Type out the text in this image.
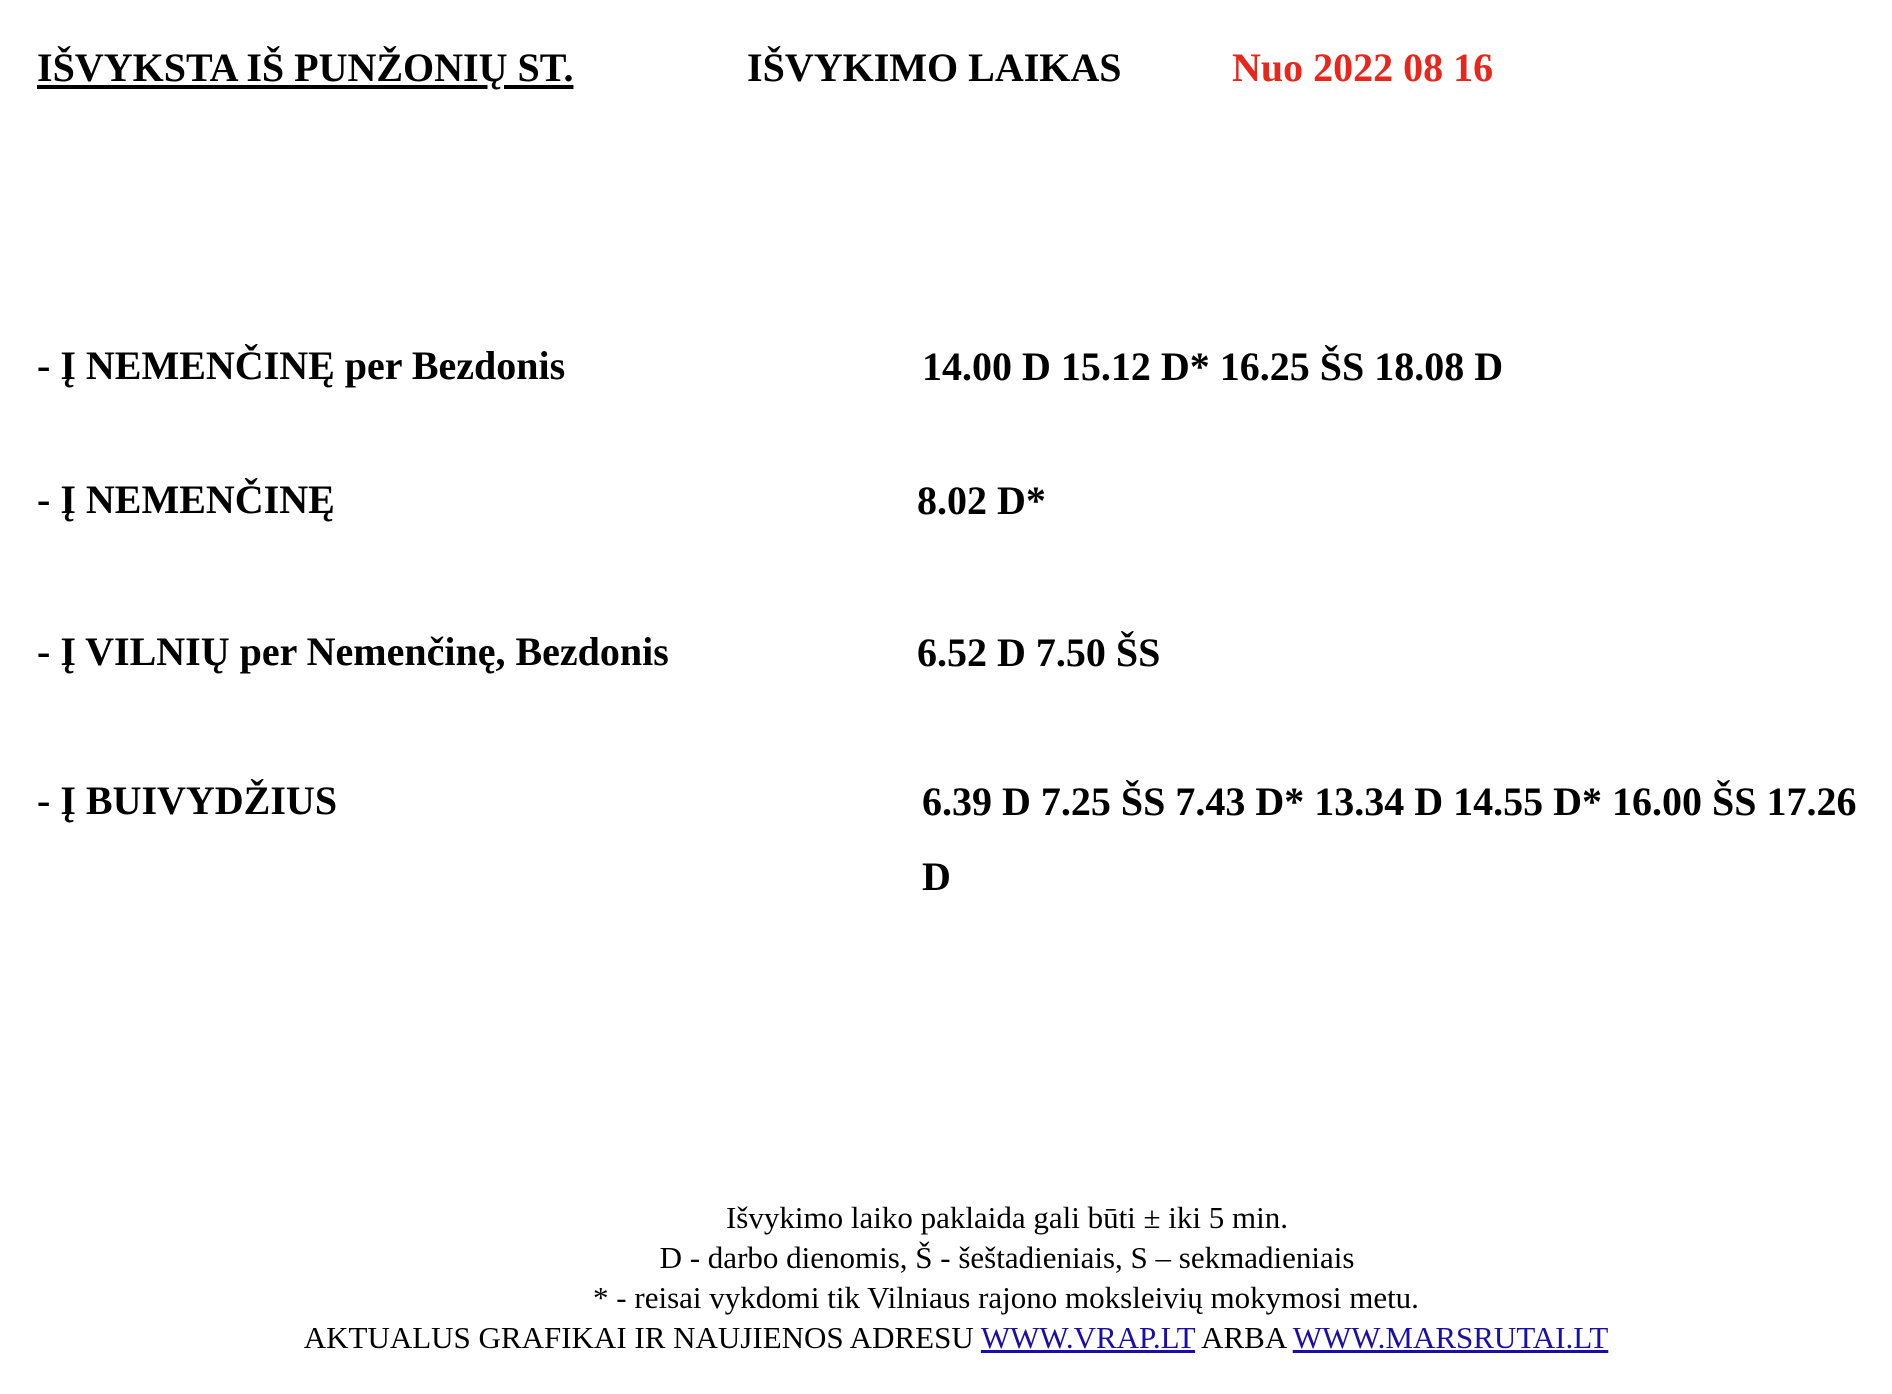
IŠVYKSTA IŠ PUNŽONIŲ ST.	IŠVYKIMO LAIKAS	Nuo 2022 08 16
- Į NEMENČINĘ per Bezdonis	14.00 D 15.12 D* 16.25 ŠS 18.08 D
- Į NEMENČINĘ	8.02 D*
- Į VILNIŲ per Nemenčinę, Bezdonis	6.52 D 7.50 ŠS
- Į BUIVYDŽIUS	6.39 D 7.25 ŠS 7.43 D* 13.34 D 14.55 D* 16.00 ŠS 17.26 D
Išvykimo laiko paklaida gali būti ± iki 5 min.
D - darbo dienomis, Š - šeštadieniais, S – sekmadieniais
* - reisai vykdomi tik Vilniaus rajono moksleivių mokymosi metu.
AKTUALUS GRAFIKAI IR NAUJIENOS ADRESU WWW.VRAP.LT ARBA WWW.MARSRUTAI.LT
